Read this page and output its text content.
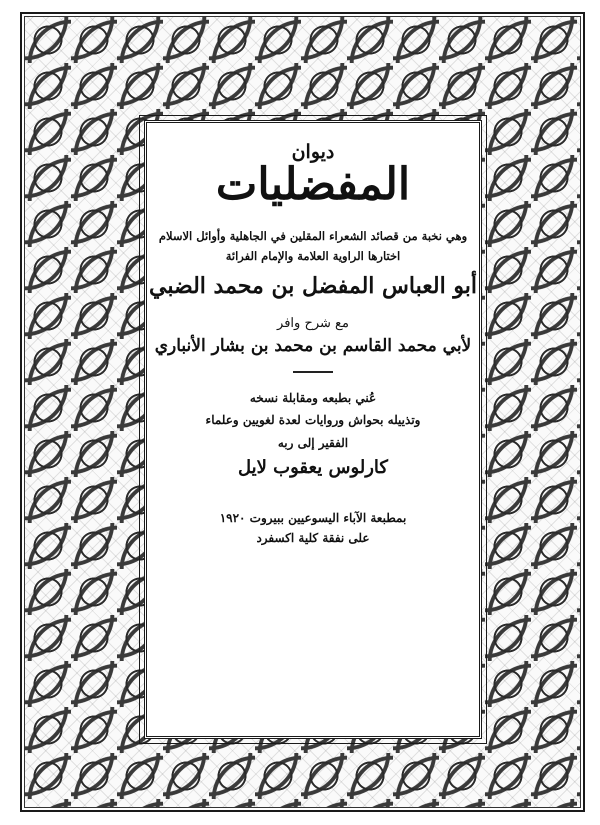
ديوان
المفضليات
وهي نخبة من قصائد الشعراء المقلين في الجاهلية وأوائل الاسلام
اختارها الراوية العلامة والإمام الفرائة
أبو العباس المفضل بن محمد الضبي
مع شرح وافر
لأبي محمد القاسم بن محمد بن بشار الأنباري
عُني بطبعه ومقابلة نسخه
وتذييله بحواش وروايات لعدة لغويين وعلماء
الفقير إلى ربه
كارلوس يعقوب لايل
بمطبعة الآباء اليسوعيين ببيروت ١٩٢٠
على نفقة كلية اكسفرد
